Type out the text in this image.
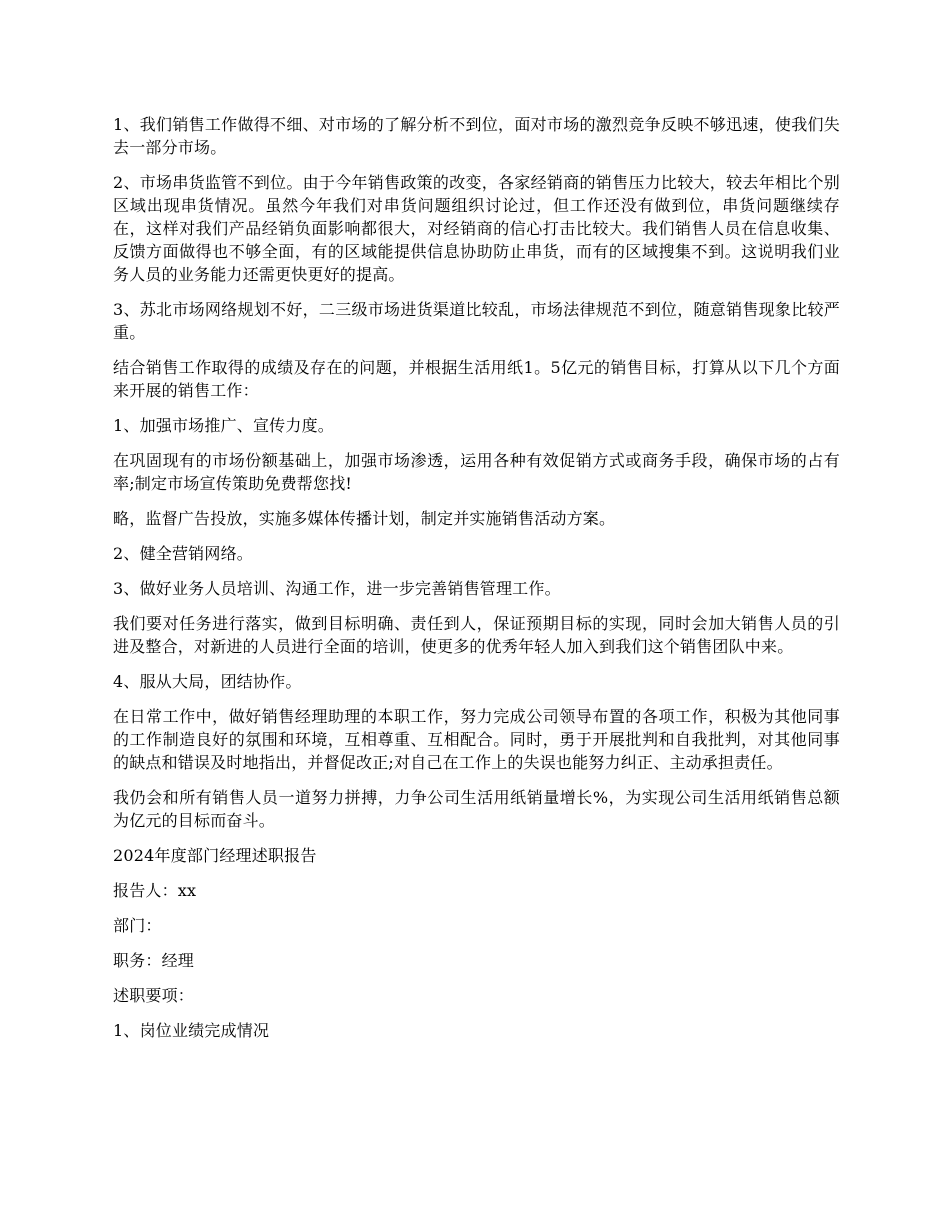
1、我们销售工作做得不细、对市场的了解分析不到位，面对市场的激烈竞争反映不够迅速，使我们失去一部分市场。

2、市场串货监管不到位。由于今年销售政策的改变，各家经销商的销售压力比较大，较去年相比个别区域出现串货情况。虽然今年我们对串货问题组织讨论过，但工作还没有做到位，串货问题继续存在，这样对我们产品经销负面影响都很大，对经销商的信心打击比较大。我们销售人员在信息收集、反馈方面做得也不够全面，有的区域能提供信息协助防止串货，而有的区域搜集不到。这说明我们业务人员的业务能力还需更快更好的提高。

3、苏北市场网络规划不好，二三级市场进货渠道比较乱，市场法律规范不到位，随意销售现象比较严重。

结合销售工作取得的成绩及存在的问题，并根据生活用纸1。5亿元的销售目标，打算从以下几个方面来开展的销售工作：

1、加强市场推广、宣传力度。

在巩固现有的市场份额基础上，加强市场渗透，运用各种有效促销方式或商务手段，确保市场的占有率;制定市场宣传策助免费帮您找!

略，监督广告投放，实施多媒体传播计划，制定并实施销售活动方案。

2、健全营销网络。

3、做好业务人员培训、沟通工作，进一步完善销售管理工作。

我们要对任务进行落实，做到目标明确、责任到人，保证预期目标的实现，同时会加大销售人员的引进及整合，对新进的人员进行全面的培训，使更多的优秀年轻人加入到我们这个销售团队中来。

4、服从大局，团结协作。

在日常工作中，做好销售经理助理的本职工作，努力完成公司领导布置的各项工作，积极为其他同事的工作制造良好的氛围和环境，互相尊重、互相配合。同时，勇于开展批判和自我批判，对其他同事的缺点和错误及时地指出，并督促改正;对自己在工作上的失误也能努力纠正、主动承担责任。

我仍会和所有销售人员一道努力拼搏，力争公司生活用纸销量增长%，为实现公司生活用纸销售总额为亿元的目标而奋斗。

2024年度部门经理述职报告

报告人：xx

部门：

职务：经理

述职要项：

1、岗位业绩完成情况
